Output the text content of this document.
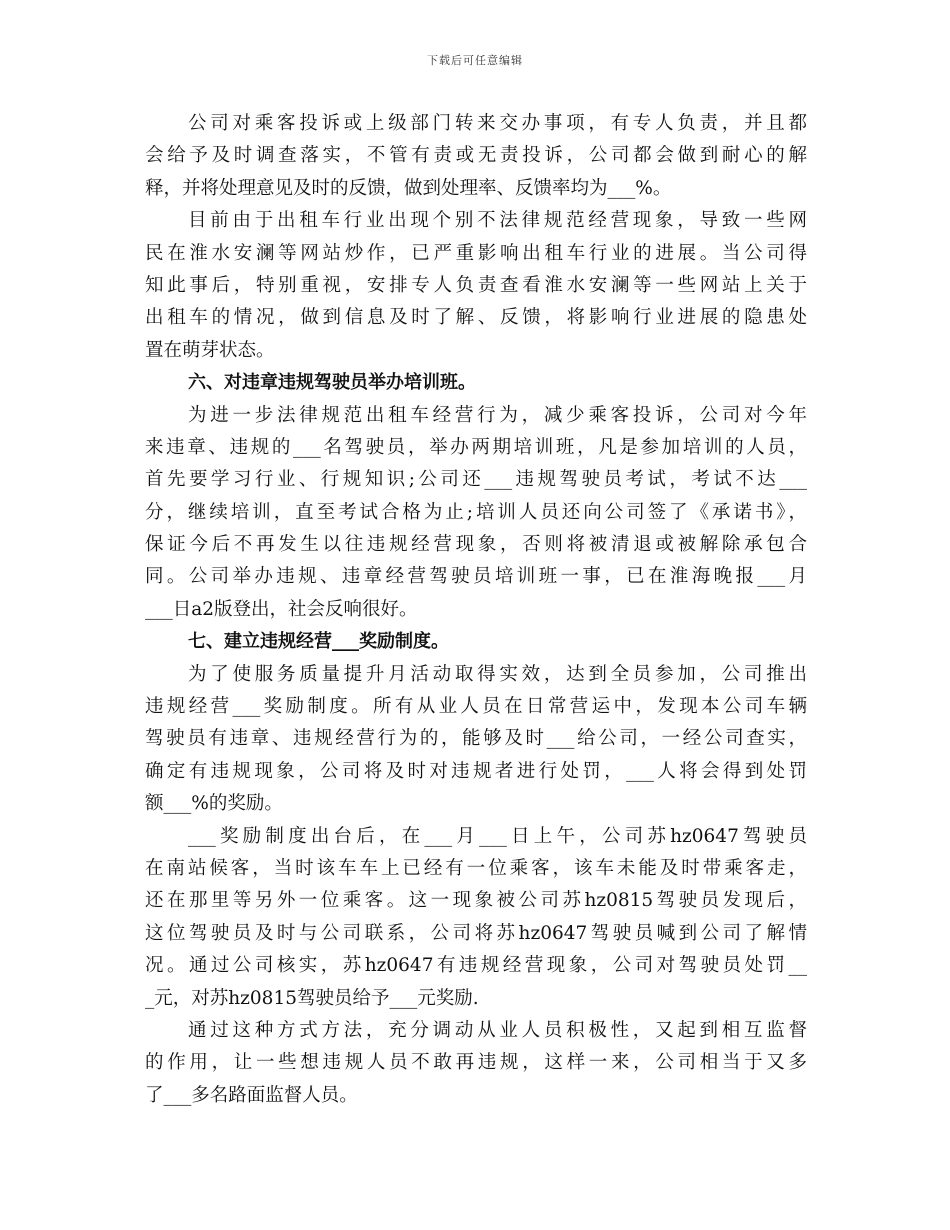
下载后可任意编辑
公司对乘客投诉或上级部门转来交办事项，有专人负责，并且都
会给予及时调查落实，不管有责或无责投诉，公司都会做到耐心的解
释，并将处理意见及时的反馈，做到处理率、反馈率均为___%。
目前由于出租车行业出现个别不法律规范经营现象，导致一些网
民在淮水安澜等网站炒作，已严重影响出租车行业的进展。当公司得
知此事后，特别重视，安排专人负责查看淮水安澜等一些网站上关于
出租车的情况，做到信息及时了解、反馈，将影响行业进展的隐患处
置在萌芽状态。
六、对违章违规驾驶员举办培训班。
为进一步法律规范出租车经营行为，减少乘客投诉，公司对今年
来违章、违规的___名驾驶员，举办两期培训班，凡是参加培训的人员，
首先要学习行业、行规知识;公司还___违规驾驶员考试，考试不达___
分，继续培训，直至考试合格为止;培训人员还向公司签了《承诺书》，
保证今后不再发生以往违规经营现象，否则将被清退或被解除承包合
同。公司举办违规、违章经营驾驶员培训班一事，已在淮海晚报___月
___日a2版登出，社会反响很好。
七、建立违规经营___奖励制度。
为了使服务质量提升月活动取得实效，达到全员参加，公司推出
违规经营___奖励制度。所有从业人员在日常营运中，发现本公司车辆
驾驶员有违章、违规经营行为的，能够及时___给公司，一经公司查实，
确定有违规现象，公司将及时对违规者进行处罚，___人将会得到处罚
额___%的奖励。
___奖励制度出台后，在___月___日上午，公司苏hz0647驾驶员
在南站候客，当时该车车上已经有一位乘客，该车未能及时带乘客走，
还在那里等另外一位乘客。这一现象被公司苏hz0815驾驶员发现后，
这位驾驶员及时与公司联系，公司将苏hz0647驾驶员喊到公司了解情
况。通过公司核实，苏hz0647有违规经营现象，公司对驾驶员处罚__
_元，对苏hz0815驾驶员给予___元奖励.
通过这种方式方法，充分调动从业人员积极性，又起到相互监督
的作用，让一些想违规人员不敢再违规，这样一来，公司相当于又多
了___多名路面监督人员。
